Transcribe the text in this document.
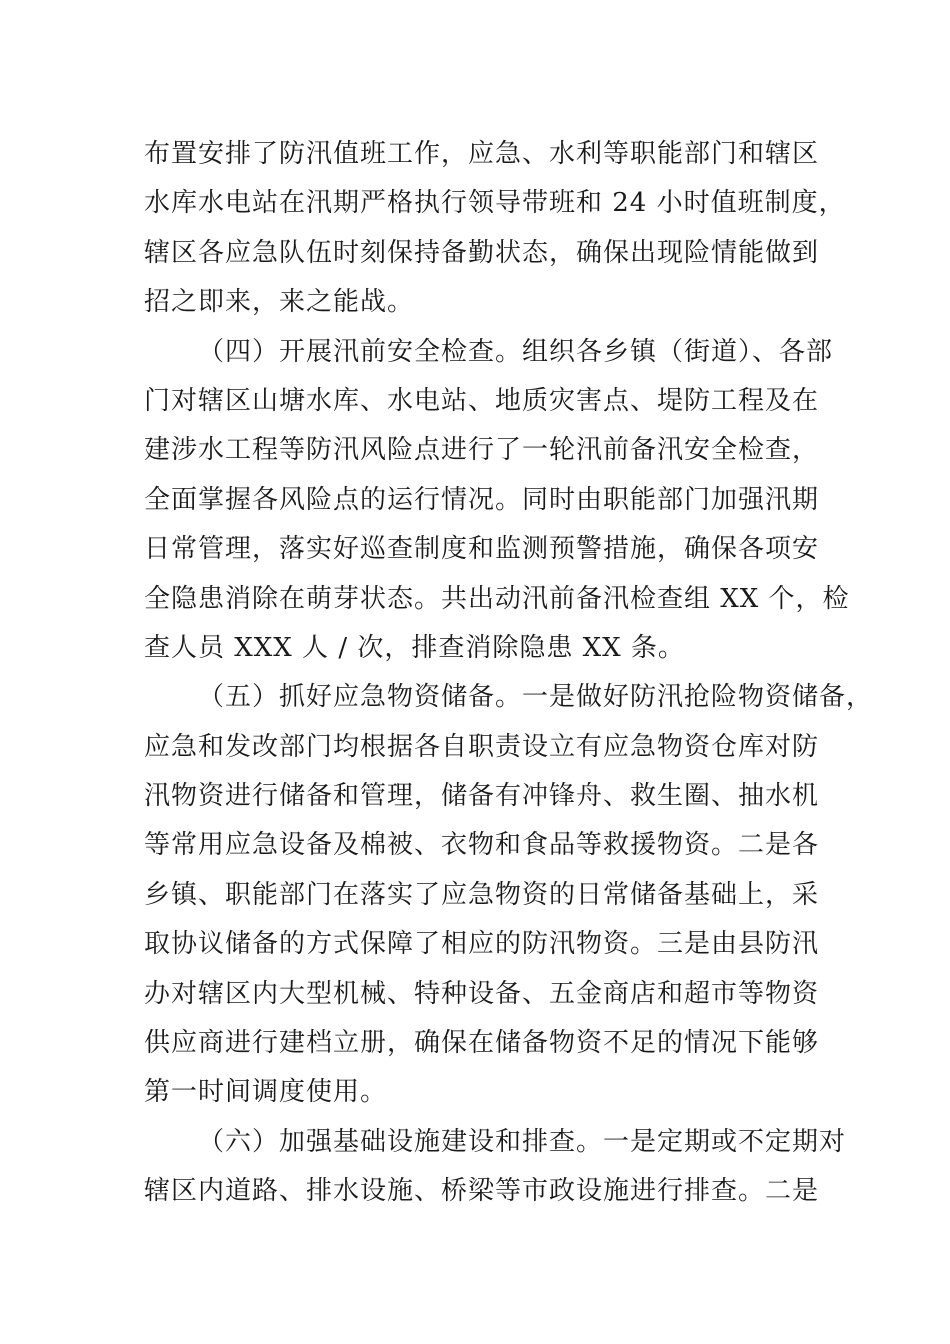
布置安排了防汛值班工作，应急、水利等职能部门和辖区
水库水电站在汛期严格执行领导带班和 24 小时值班制度，
辖区各应急队伍时刻保持备勤状态，确保出现险情能做到
招之即来，来之能战。
（四）开展汛前安全检查。组织各乡镇（街道）、各部
门对辖区山塘水库、水电站、地质灾害点、堤防工程及在
建涉水工程等防汛风险点进行了一轮汛前备汛安全检查，
全面掌握各风险点的运行情况。同时由职能部门加强汛期
日常管理，落实好巡查制度和监测预警措施，确保各项安
全隐患消除在萌芽状态。共出动汛前备汛检查组 XX 个，检
查人员 XXX 人 / 次，排查消除隐患 XX 条。
（五）抓好应急物资储备。一是做好防汛抢险物资储备，
应急和发改部门均根据各自职责设立有应急物资仓库对防
汛物资进行储备和管理，储备有冲锋舟、救生圈、抽水机
等常用应急设备及棉被、衣物和食品等救援物资。二是各
乡镇、职能部门在落实了应急物资的日常储备基础上，采
取协议储备的方式保障了相应的防汛物资。三是由县防汛
办对辖区内大型机械、特种设备、五金商店和超市等物资
供应商进行建档立册，确保在储备物资不足的情况下能够
第一时间调度使用。
（六）加强基础设施建设和排查。一是定期或不定期对
辖区内道路、排水设施、桥梁等市政设施进行排查。二是
